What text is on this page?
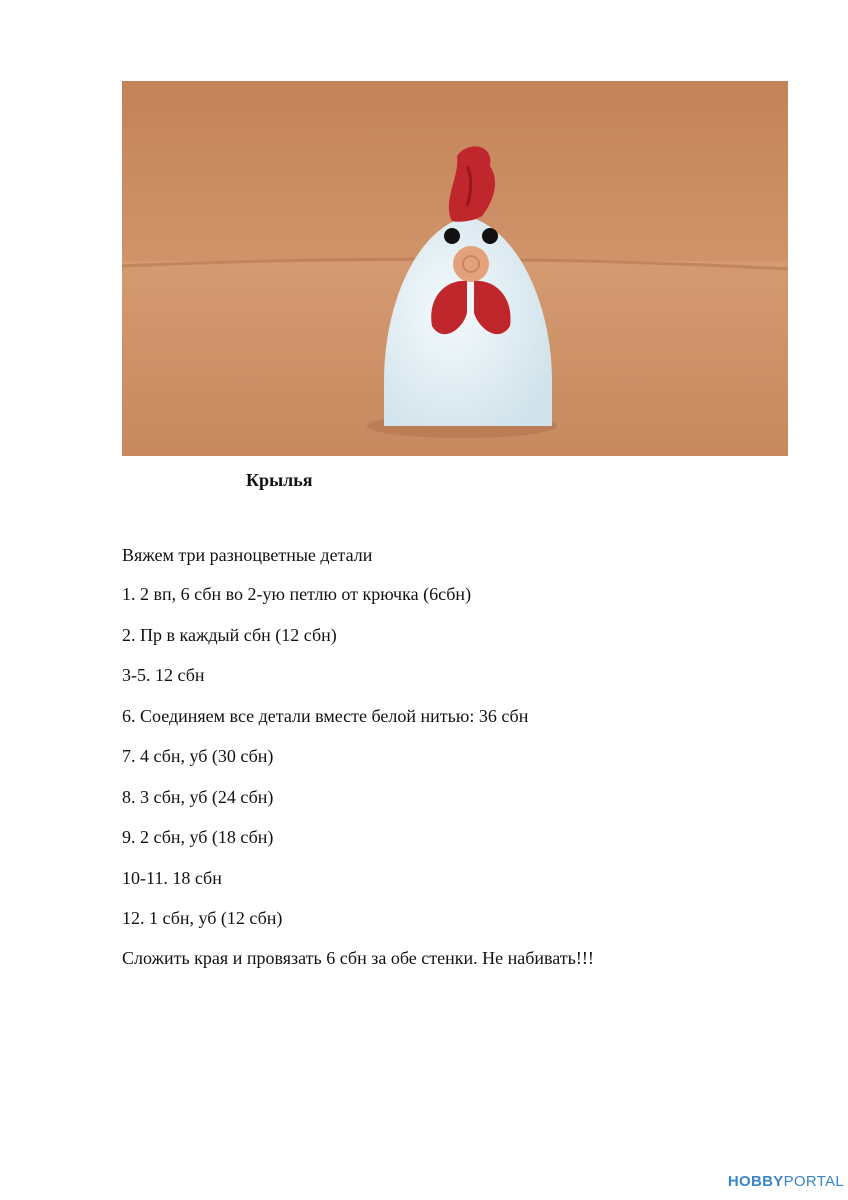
Крылья
Вяжем три разноцветные детали
1. 2 вп, 6 сбн во 2-ую петлю от крючка (6сбн)
2. Пр в каждый сбн (12 сбн)
3-5. 12 сбн
6. Соединяем все детали вместе белой нитью: 36 сбн
7. 4 сбн, уб (30 сбн)
8. 3 сбн, уб (24 сбн)
9. 2 сбн, уб (18 сбн)
10-11. 18 сбн
12. 1 сбн, уб (12 сбн)
Сложить края и провязать 6 сбн за обе стенки. Не набивать!!!
HOBBYPORTAL
